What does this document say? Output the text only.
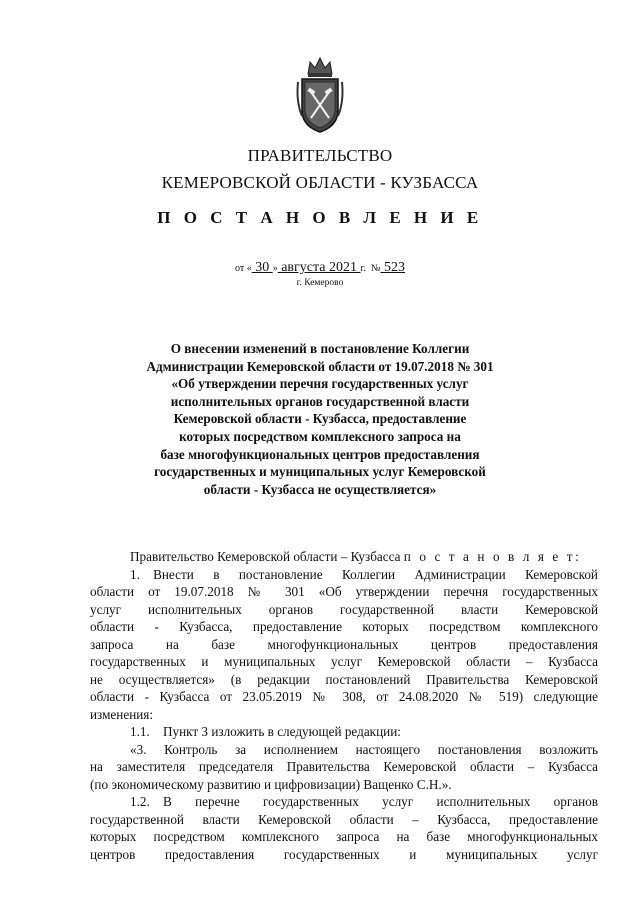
ПРАВИТЕЛЬСТВО
КЕМЕРОВСКОЙ ОБЛАСТИ - КУЗБАССА
П О С Т А Н О В Л Е Н И Е
от « 30 » августа 2021 г. № 523
г. Кемерово
О внесении изменений в постановление Коллегии
Администрации Кемеровской области от 19.07.2018 № 301
«Об утверждении перечня государственных услуг
исполнительных органов государственной власти
Кемеровской области - Кузбасса, предоставление
которых посредством комплексного запроса на
базе многофункциональных центров предоставления
государственных и муниципальных услуг Кемеровской
области - Кузбасса не осуществляется»
Правительство Кемеровской области – Кузбасса п о с т а н о в л я е т:
1. Внести в постановление Коллегии Администрации Кемеровской
области от 19.07.2018 № 301 «Об утверждении перечня государственных
услуг исполнительных органов государственной власти Кемеровской
области - Кузбасса, предоставление которых посредством комплексного
запроса на базе многофункциональных центров предоставления
государственных и муниципальных услуг Кемеровской области – Кузбасса
не осуществляется» (в редакции постановлений Правительства Кемеровской
области - Кузбасса от 23.05.2019 № 308, от 24.08.2020 № 519) следующие
изменения:
1.1. Пункт 3 изложить в следующей редакции:
«3. Контроль за исполнением настоящего постановления возложить
на заместителя председателя Правительства Кемеровской области – Кузбасса
(по экономическому развитию и цифровизации) Ващенко С.Н.».
1.2. В перечне государственных услуг исполнительных органов
государственной власти Кемеровской области – Кузбасса, предоставление
которых посредством комплексного запроса на базе многофункциональных
центров предоставления государственных и муниципальных услуг
